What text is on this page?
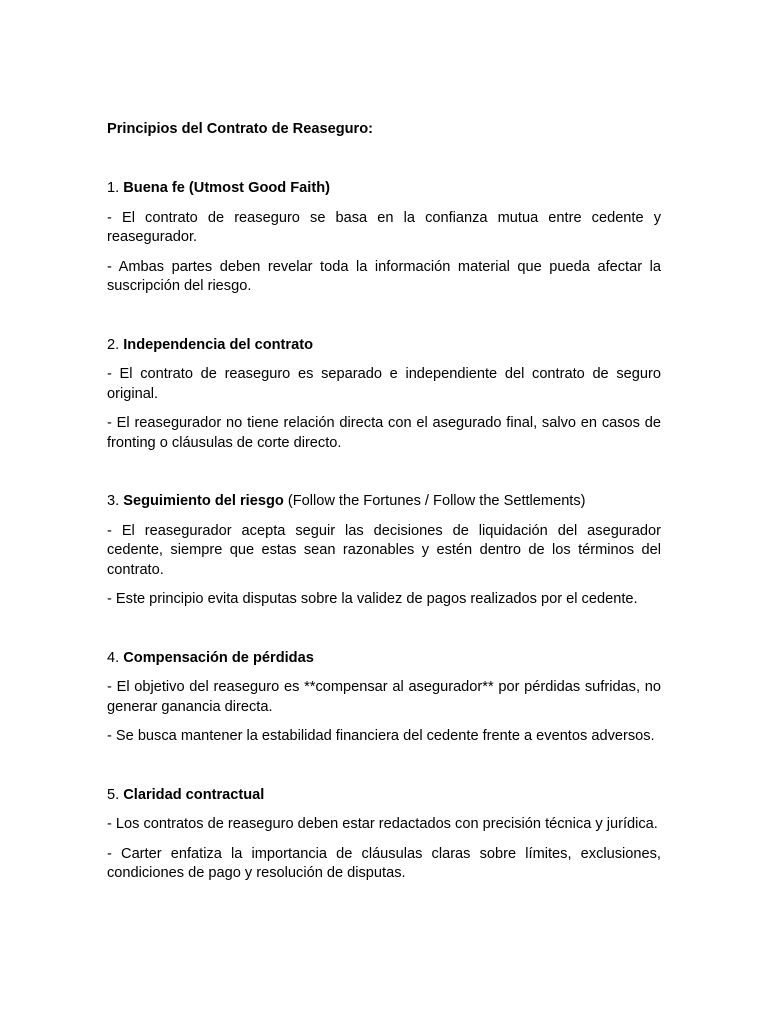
Principios del Contrato de Reaseguro:

1. Buena fe (Utmost Good Faith)

- El contrato de reaseguro se basa en la confianza mutua entre cedente y reasegurador.

- Ambas partes deben revelar toda la información material que pueda afectar la suscripción del riesgo.

2. Independencia del contrato

- El contrato de reaseguro es separado e independiente del contrato de seguro original.

- El reasegurador no tiene relación directa con el asegurado final, salvo en casos de fronting o cláusulas de corte directo.

3. Seguimiento del riesgo (Follow the Fortunes / Follow the Settlements)

- El reasegurador acepta seguir las decisiones de liquidación del asegurador cedente, siempre que estas sean razonables y estén dentro de los términos del contrato.

- Este principio evita disputas sobre la validez de pagos realizados por el cedente.

4. Compensación de pérdidas

- El objetivo del reaseguro es **compensar al asegurador** por pérdidas sufridas, no generar ganancia directa.

- Se busca mantener la estabilidad financiera del cedente frente a eventos adversos.

5. Claridad contractual

- Los contratos de reaseguro deben estar redactados con precisión técnica y jurídica.

- Carter enfatiza la importancia de cláusulas claras sobre límites, exclusiones, condiciones de pago y resolución de disputas.
